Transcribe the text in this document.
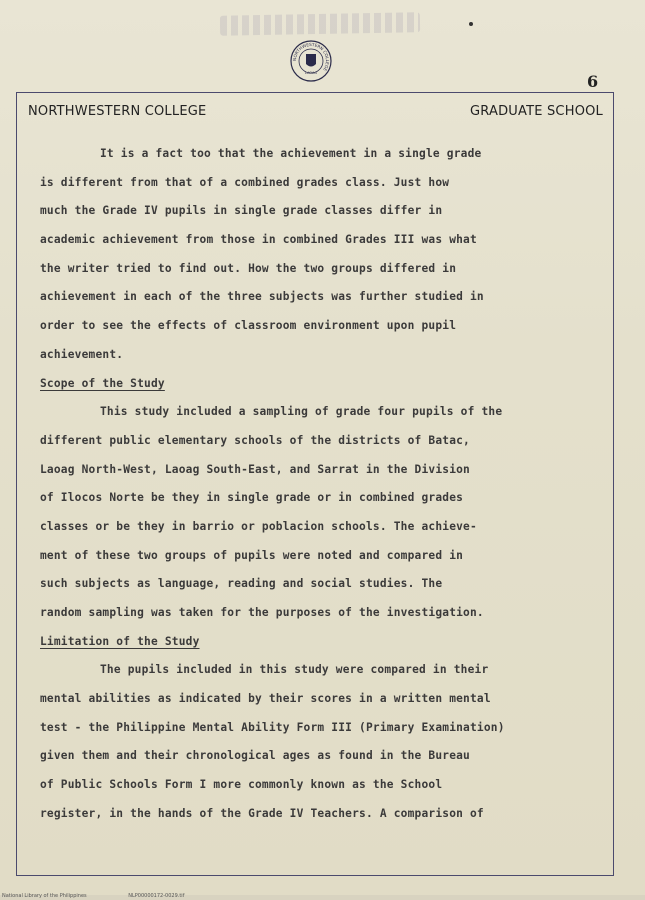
NORTHWESTERN COLLEGE
LAOAG	6
NORTHWESTERN COLLEGE	GRADUATE SCHOOL
It is a fact too that the achievement in a single grade
is different from that of a combined grades class. Just how
much the Grade IV pupils in single grade classes differ in
academic achievement from those in combined Grades III was what
the writer tried to find out. How the two groups differed in
achievement in each of the three subjects was further studied in
order to see the effects of classroom environment upon pupil
achievement.
Scope of the Study
This study included a sampling of grade four pupils of the
different public elementary schools of the districts of Batac,
Laoag North-West, Laoag South-East, and Sarrat in the Division
of Ilocos Norte be they in single grade or in combined grades
classes or be they in barrio or poblacion schools. The achieve-
ment of these two groups of pupils were noted and compared in
such subjects as language, reading and social studies. The
random sampling was taken for the purposes of the investigation.
Limitation of the Study
The pupils included in this study were compared in their
mental abilities as indicated by their scores in a written mental
test - the Philippine Mental Ability Form III (Primary Examination)
given them and their chronological ages as found in the Bureau
of Public Schools Form I more commonly known as the School
register, in the hands of the Grade IV Teachers. A comparison of
National Library of the Philippines	NLP00000172-0029.tif
